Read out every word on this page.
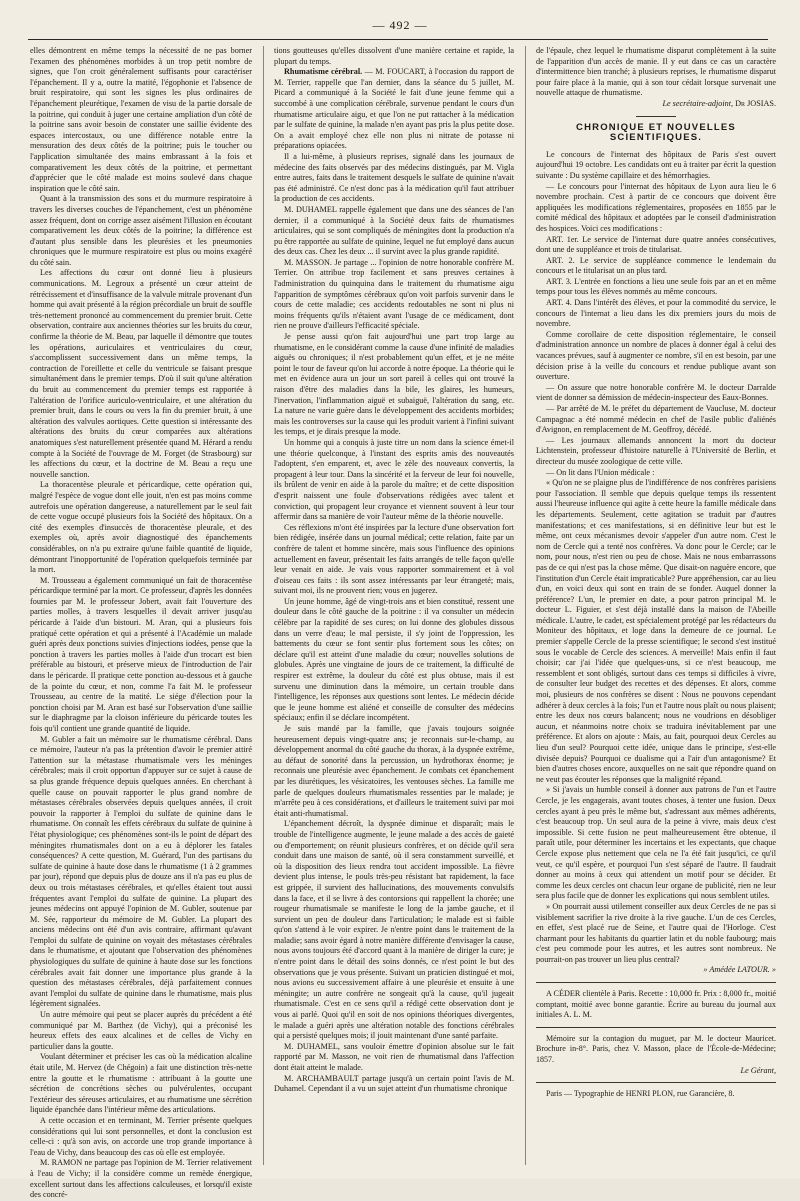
— 492 —

elles démontrent en même temps la nécessité de ne pas borner l'examen des phénomènes morbides à un trop petit nombre de signes, que l'on croit généralement suffisants pour caractériser l'épanchement. Il y a, outre la matité, l'égophonie et l'absence de bruit respiratoire, qui sont les signes les plus ordinaires de l'épanchement pleurétique, l'examen de visu de la partie dorsale de la poitrine, qui conduit à juger une certaine ampliation d'un côté de la poitrine sans avoir besoin de constater une saillie évidente des espaces intercostaux, ou une différence notable entre la mensuration des deux côtés de la poitrine; puis le toucher ou l'application simultanée des mains embrassant à la fois et comparativement les deux côtés de la poitrine, et permettant d'apprécier que le côté malade est moins soulevé dans chaque inspiration que le côté sain.

Quant à la transmission des sons et du murmure respiratoire à travers les diverses couches de l'épanchement, c'est un phénomène assez fréquent, dont on corrige assez aisément l'illusion en écoutant comparativement les deux côtés de la poitrine; la différence est d'autant plus sensible dans les pleurésies et les pneumonies chroniques que le murmure respiratoire est plus ou moins exagéré du côté sain.

Les affections du cœur ont donné lieu à plusieurs communications. M. Legroux a présenté un cœur atteint de rétrécissement et d'insuffisance de la valvule mitrale provenant d'un homme qui avait présenté à la région précordiale un bruit de souffle très-nettement prononcé au commencement du premier bruit. Cette observation, contraire aux anciennes théories sur les bruits du cœur, confirme la théorie de M. Beau, par laquelle il démontre que toutes les opérations, auriculaires et ventriculaires du cœur, s'accomplissent successivement dans un même temps, la contraction de l'oreillette et celle du ventricule se faisant presque simultanément dans le premier temps. D'où il suit qu'une altération du bruit au commencement du premier temps est rapportée à l'altération de l'orifice auriculo-ventriculaire, et une altération du premier bruit, dans le cours ou vers la fin du premier bruit, à une altération des valvules aortiques. Cette question si intéressante des altérations des bruits du cœur comparées aux altérations anatomiques s'est naturellement présentée quand M. Hérard a rendu compte à la Société de l'ouvrage de M. Forget (de Strasbourg) sur les affections du cœur, et la doctrine de M. Beau a reçu une nouvelle sanction.

La thoracentèse pleurale et péricardique, cette opération qui, malgré l'espèce de vogue dont elle jouit, n'en est pas moins comme autrefois une opération dangereuse, a naturellement par le seul fait de cette vogue occupé plusieurs fois la Société des hôpitaux. On a cité des exemples d'insuccès de thoracentèse pleurale, et des exemples où, après avoir diagnostiqué des épanchements considérables, on n'a pu extraire qu'une faible quantité de liquide, démontrant l'inopportunité de l'opération quelquefois terminée par la mort.

M. Trousseau a également communiqué un fait de thoracentèse péricardique terminé par la mort. Ce professeur, d'après les données fournies par M. le professeur Jobert, avait fait l'ouverture des parties molles, à travers lesquelles il devait arriver jusqu'au péricarde à l'aide d'un bistouri. M. Aran, qui a plusieurs fois pratiqué cette opération et qui a présenté à l'Académie un malade guéri après deux ponctions suivies d'injections iodées, pense que la ponction à travers les parties molles à l'aide d'un trocart est bien préférable au bistouri, et préserve mieux de l'introduction de l'air dans le péricarde. Il pratique cette ponction au-dessous et à gauche de la pointe du cœur, et non, comme l'a fait M. le professeur Trousseau, au centre de la matité. Le siége d'élection pour la ponction choisi par M. Aran est basé sur l'observation d'une saillie sur le diaphragme par la cloison inférieure du péricarde toutes les fois qu'il contient une grande quantité de liquide.

M. Gubler a fait un mémoire sur le rhumatisme cérébral. Dans ce mémoire, l'auteur n'a pas la prétention d'avoir le premier attiré l'attention sur la métastase rhumatismale vers les méninges cérébrales; mais il croit opportun d'appuyer sur ce sujet à cause de sa plus grande fréquence depuis quelques années. En cherchant à quelle cause on pouvait rapporter le plus grand nombre de métastases cérébrales observées depuis quelques années, il croit pouvoir la rapporter à l'emploi du sulfate de quinine dans le rhumatisme. On connaît les effets cérébraux du sulfate de quinine à l'état physiologique; ces phénomènes sont-ils le point de départ des méningites rhumatismales dont on a eu à déplorer les fatales conséquences? A cette question, M. Guérard, l'un des partisans du sulfate de quinine à haute dose dans le rhumatisme (1 à 2 grammes par jour), répond que depuis plus de douze ans il n'a pas eu plus de deux ou trois métastases cérébrales, et qu'elles étaient tout aussi fréquentes avant l'emploi du sulfate de quinine. La plupart des jeunes médecins ont appuyé l'opinion de M. Gubler, soutenue par M. Sée, rapporteur du mémoire de M. Gubler. La plupart des anciens médecins ont été d'un avis contraire, affirmant qu'avant l'emploi du sulfate de quinine on voyait des métastases cérébrales dans le rhumatisme, et ajoutant que l'observation des phénomènes physiologiques du sulfate de quinine à haute dose sur les fonctions cérébrales avait fait donner une importance plus grande à la question des métastases cérébrales, déjà parfaitement connues avant l'emploi du sulfate de quinine dans le rhumatisme, mais plus légèrement signalées.

Un autre mémoire qui peut se placer auprès du précédent a été communiqué par M. Barthez (de Vichy), qui a préconisé les heureux effets des eaux alcalines et de celles de Vichy en particulier dans la goutte.

Voulant déterminer et préciser les cas où la médication alcaline était utile, M. Hervez (de Chégoin) a fait une distinction très-nette entre la goutte et le rhumatisme : attribuant à la goutte une sécrétion de concrétions sèches ou pulvérulentes, occupant l'extérieur des séreuses articulaires, et au rhumatisme une sécrétion liquide épanchée dans l'intérieur même des articulations.

A cette occasion et en terminant, M. Terrier présente quelques considérations qui lui sont personnelles, et dont la conclusion est celle-ci : qu'à son avis, on accorde une trop grande importance à l'eau de Vichy, dans beaucoup des cas où elle est employée.

M. RAMON ne partage pas l'opinion de M. Terrier relativement à l'eau de Vichy; il la considère comme un remède énergique, excellent surtout dans les affections calculeuses, et lorsqu'il existe des concré-

tions goutteuses qu'elles dissolvent d'une manière certaine et rapide, la plupart du temps.

Rhumatisme cérébral. — M. FOUCART, à l'occasion du rapport de M. Terrier, rappelle que l'an dernier, dans la séance du 5 juillet, M. Picard a communiqué à la Société le fait d'une jeune femme qui a succombé à une complication cérébrale, survenue pendant le cours d'un rhumatisme articulaire aigu, et que l'on ne put rattacher à la médication par le sulfate de quinine, la malade n'en ayant pas pris la plus petite dose. On a avait employé chez elle non plus ni nitrate de potasse ni préparations opiacées.

Il a lui-même, à plusieurs reprises, signalé dans les journaux de médecine des faits observés par des médecins distingués, par M. Vigla entre autres, faits dans le traitement desquels le sulfate de quinine n'avait pas été administré. Ce n'est donc pas à la médication qu'il faut attribuer la production de ces accidents.

M. DUHAMEL rappelle également que dans une des séances de l'an dernier, il a communiqué à la Société deux faits de rhumatismes articulaires, qui se sont compliqués de méningites dont la production n'a pu être rapportée au sulfate de quinine, lequel ne fut employé dans aucun des deux cas. Chez les deux ... il survint avec la plus grande rapidité.

M. MASSON. Je partage ... l'opinion de notre honorable confrère M. Terrier. On attribue trop facilement et sans preuves certaines à l'administration du quinquina dans le traitement du rhumatisme aigu l'apparition de symptômes cérébraux qu'on voit parfois survenir dans le cours de cette maladie; ces accidents redoutables ne sont ni plus ni moins fréquents qu'ils n'étaient avant l'usage de ce médicament, dont rien ne prouve d'ailleurs l'efficacité spéciale.

Je pense aussi qu'on fait aujourd'hui une part trop large au rhumatisme, en le considérant comme la cause d'une infinité de maladies aiguës ou chroniques; il n'est probablement qu'un effet, et je ne méite point le tour de faveur qu'on lui accorde à notre époque. La théorie qui le met en évidence aura un jour un sort pareil à celles qui ont trouvé la raison d'être des maladies dans la bile, les glaires, les humeurs, l'inervation, l'inflammation aiguë et subaiguë, l'altération du sang, etc. La nature ne varie guère dans le développement des accidents morbides; mais les controverses sur la cause qui les produit varient à l'infini suivant les temps, et je dirais presque la mode.

Un homme qui a conquis à juste titre un nom dans la science émet-il une théorie quelconque, à l'instant des esprits amis des nouveautés l'adoptent, s'en emparent, et, avec le zèle des nouveaux convertis, la propagent à leur tour. Dans la sincérité et la ferveur de leur foi nouvelle, ils brûlent de venir en aide à la parole du maître; et de cette disposition d'esprit naissent une foule d'observations rédigées avec talent et conviction, qui propagent leur croyance et viennent souvent à leur tour affermir dans sa manière de voir l'auteur même de la théorie nouvelle.

Ces réflexions m'ont été inspirées par la lecture d'une observation fort bien rédigée, insérée dans un journal médical; cette relation, faite par un confrère de talent et homme sincère, mais sous l'influence des opinions actuellement en faveur, présentait les faits arrangés de telle façon qu'elle leur venait en aide. Je vais vous rapporter sommairement et à vol d'oiseau ces faits : ils sont assez intéressants par leur étrangeté; mais, suivant moi, ils ne prouvent rien; vous en jugerez.

Un jeune homme, âgé de vingt-trois ans et bien constitué, ressent une douleur dans le côté gauche de la poitrine : il va consulter un médecin célèbre par la rapidité de ses cures; on lui donne des globules dissous dans un verre d'eau; le mal persiste, il s'y joint de l'oppression, les battements du cœur se font sentir plus fortement sous les côtes; on déclare qu'il est atteint d'une maladie du cœur; nouvelles solutions de globules. Après une vingtaine de jours de ce traitement, la difficulté de respirer est extrême, la douleur du côté est plus obtuse, mais il est survenu une diminution dans la mémoire, un certain trouble dans l'intelligence, les réponses aux questions sont lentes. Le médecin décide que le jeune homme est aliéné et conseille de consulter des médecins spéciaux; enfin il se déclare incompétent.

Je suis mandé par la famille, que j'avais toujours soignée heureusement depuis vingt-quatre ans; je reconnais sur-le-champ, au développement anormal du côté gauche du thorax, à la dyspnée extrême, au défaut de sonorité dans la percussion, un hydrothorax énorme; je reconnais une pleurésie avec épanchement. Je combats cet épanchement par les diurétiques, les vésicatoires, les ventouses sèches. La famille me parle de quelques douleurs rhumatismales ressenties par le malade; je m'arrête peu à ces considérations, et d'ailleurs le traitement suivi par moi était anti-rhumatismal.

L'épanchement décroît, la dyspnée diminue et disparaît; mais le trouble de l'intelligence augmente, le jeune malade a des accès de gaieté ou d'emportement; on réunit plusieurs confrères, et on décide qu'il sera conduit dans une maison de santé, où il sera constamment surveillé, et où la disposition des lieux rendra tout accident impossible. La fièvre devient plus intense, le pouls très-peu résistant bat rapidement, la face est grippée, il survient des hallucinations, des mouvements convulsifs dans la face, et il se livre à des contorsions qui rappellent la chorée; une rougeur rhumatismale se manifeste le long de la jambe gauche, et il survient un peu de douleur dans l'articulation; le malade est si faible qu'on s'attend à le voir expirer. Je n'entre point dans le traitement de la maladie; sans avoir égard à notre manière différente d'envisager la cause, nous avons toujours été d'accord quant à la manière de diriger la cure; je n'entre point dans le détail des soins donnés, ce n'est point le but des observations que je vous présente. Suivant un praticien distingué et moi, nous avions eu successivement affaire à une pleurésie et ensuite à une méningite; un autre confrère ne songeait qu'à la cause, qu'il jugeait rhumatismale. C'est en ce sens qu'il a rédigé cette observation dont je vous ai parlé. Quoi qu'il en soit de nos opinions théoriques divergentes, le malade a guéri après une altération notable des fonctions cérébrales qui a persisté quelques mois; il jouit maintenant d'une santé parfaite.

M. DUHAMEL, sans vouloir émettre d'opinion absolue sur le fait rapporté par M. Masson, ne voit rien de rhumatismal dans l'affection dont était atteint le malade.

M. ARCHAMBAULT partage jusqu'à un certain point l'avis de M. Duhamel. Cependant il a vu un sujet atteint d'un rhumatisme chronique

de l'épaule, chez lequel le rhumatisme disparut complètement à la suite de l'apparition d'un accès de manie. Il y eut dans ce cas un caractère d'intermittence bien tranché; à plusieurs reprises, le rhumatisme disparut pour faire place à la manie, qui à son tour cédait lorsque survenait une nouvelle attaque de rhumatisme.

Le secrétaire-adjoint, Dr JOSIAS.

CHRONIQUE ET NOUVELLES SCIENTIFIQUES.

Le concours de l'internat des hôpitaux de Paris s'est ouvert aujourd'hui 19 octobre. Les candidats ont eu à traiter par écrit la question suivante : Du système capillaire et des hémorrhagies.

— Le concours pour l'internat des hôpitaux de Lyon aura lieu le 6 novembre prochain. C'est à partir de ce concours que doivent être appliquées les modifications réglementaires, proposées en 1855 par le comité médical des hôpitaux et adoptées par le conseil d'administration des hospices. Voici ces modifications :

ART. 1er. Le service de l'internat dure quatre années consécutives, dont une de suppléance et trois de titularisat.

ART. 2. Le service de suppléance commence le lendemain du concours et le titularisat un an plus tard.

ART. 3. L'entrée en fonctions a lieu une seule fois par an et en même temps pour tous les élèves nommés au même concours.

ART. 4. Dans l'intérêt des élèves, et pour la commodité du service, le concours de l'internat a lieu dans les dix premiers jours du mois de novembre.

Comme corollaire de cette disposition réglementaire, le conseil d'administration annonce un nombre de places à donner égal à celui des vacances prévues, sauf à augmenter ce nombre, s'il en est besoin, par une décision prise à la veille du concours et rendue publique avant son ouverture.

— On assure que notre honorable confrère M. le docteur Darralde vient de donner sa démission de médecin-inspecteur des Eaux-Bonnes.

— Par arrêté de M. le préfet du département de Vaucluse, M. docteur Campagnac a été nommé médecin en chef de l'asile public d'aliénés d'Avignon, en remplacement de M. Geoffroy, décédé.

— Les journaux allemands annoncent la mort du docteur Lichtenstein, professeur d'histoire naturelle à l'Université de Berlin, et directeur du musée zoologique de cette ville.

— On lit dans l'Union médicale :

« Qu'on ne se plaigne plus de l'indifférence de nos confrères parisiens pour l'association. Il semble que depuis quelque temps ils ressentent aussi l'heureuse influence qui agite à cette heure la famille médicale dans les départements. Seulement, cette agitation se traduit par d'autres manifestations; et ces manifestations, si en définitive leur but est le même, ont ceux mécanismes devoir s'appeler d'un autre nom. C'est le nom de Cercle qui a tenté nos confrères. Va donc pour le Cercle; car le nom, pour nous, n'est rien ou peu de chose. Mais ne nous embarrassons pas de ce qui n'est pas la chose même. Que disait-on naguère encore, que l'institution d'un Cercle était impraticable? Pure appréhension, car au lieu d'un, en voici deux qui sont en train de se fonder. Auquel donner la préférence? L'un, le premier en date, a pour patron principal M. le docteur L. Figuier, et s'est déjà installé dans la maison de l'Abeille médicale. L'autre, le cadet, est spécialement protégé par les rédacteurs du Moniteur des hôpitaux, et loge dans la demeure de ce journal. Le premier s'appelle Cercle de la presse scientifique; le second s'est institué sous le vocable de Cercle des sciences. A merveille! Mais enfin il faut choisir; car j'ai l'idée que quelques-uns, si ce n'est beaucoup, me ressemblent et sont obligés, surtout dans ces temps si difficiles à vivre, de consulter leur budget des recettes et des dépenses. Et alors, comme moi, plusieurs de nos confrères se disent : Nous ne pouvons cependant adhérer à deux cercles à la fois; l'un et l'autre nous plaît ou nous plaisent; entre les deux nos cœurs balancent; nous ne voudrions en désobliger aucun, et néanmoins notre choix se traduira inévitablement par une préférence. Et alors on ajoute : Mais, au fait, pourquoi deux Cercles au lieu d'un seul? Pourquoi cette idée, unique dans le principe, s'est-elle divisée depuis? Pourquoi ce dualisme qui a l'air d'un antagonisme? Et bien d'autres choses encore, auxquelles on ne sait que répondre quand on ne veut pas écouter les réponses que la malignité répand.

» Si j'avais un humble conseil à donner aux patrons de l'un et l'autre Cercle, je les engagerais, avant toutes choses, à tenter une fusion. Deux cercles ayant à peu près le même but, s'adressant aux mêmes adhérents, c'est beaucoup trop. Un seul aura de la peine à vivre, mais deux c'est impossible. Si cette fusion ne peut malheureusement être obtenue, il paraît utile, pour déterminer les incertains et les expectants, que chaque Cercle expose plus nettement que cela ne l'a été fait jusqu'ici, ce qu'il veut, ce qu'il espère, et pourquoi l'un s'est séparé de l'autre. Il faudrait donner au moins à ceux qui attendent un motif pour se décider. Et comme les deux cercles ont chacun leur organe de publicité, rien ne leur sera plus facile que de donner les explications qui nous semblent utiles.

» On pourrait aussi utilement conseiller aux deux Cercles de ne pas si visiblement sacrifier la rive droite à la rive gauche. L'un de ces Cercles, en effet, s'est placé rue de Seine, et l'autre quai de l'Horloge. C'est charmant pour les habitants du quartier latin et du noble faubourg; mais c'est peu commode pour les autres, et les autres sont nombreux. Ne pourrait-on pas trouver un lieu plus central?

» Amédée LATOUR. »

A CÉDER clientèle à Paris. Recette : 10,000 fr. Prix : 8,000 fr., moitié comptant, moitié avec bonne garantie. Écrire au bureau du journal aux initiales A. L. M.

Mémoire sur la contagion du muguet, par M. le docteur Mauricet. Brochure in-8°. Paris, chez V. Masson, place de l'École-de-Médecine; 1857.

Le Gérant,

Paris — Typographie de HENRI PLON, rue Garancière, 8.
